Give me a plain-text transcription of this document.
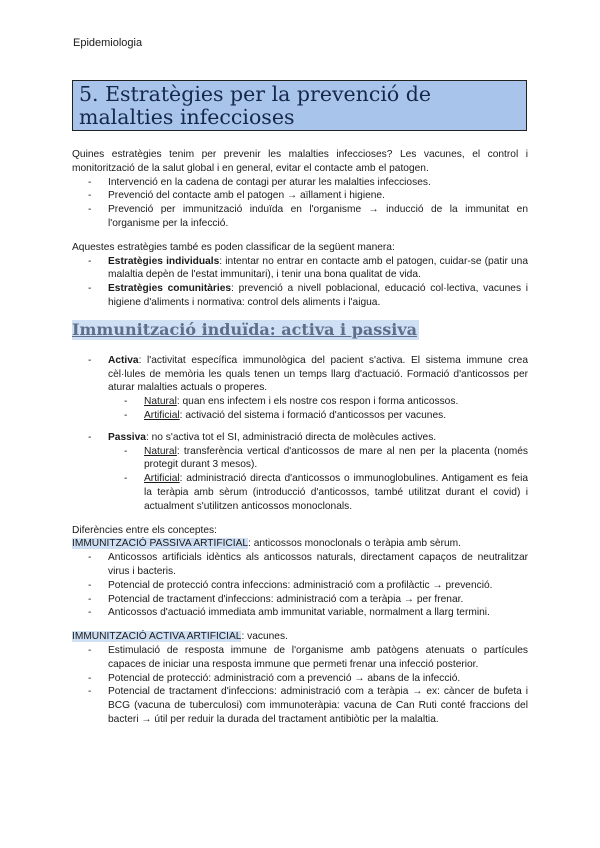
Epidemiologia
5. Estratègies per la prevenció de malalties infeccioses

Quines estratègies tenim per prevenir les malalties infeccioses? Les vacunes, el control i monitorització de la salut global i en general, evitar el contacte amb el patogen.

- Intervenció en la cadena de contagi per aturar les malalties infeccioses.
- Prevenció del contacte amb el patogen → aïllament i higiene.
- Prevenció per immunització induïda en l'organisme → inducció de la immunitat en l'organisme per la infecció.

Aquestes estratègies també es poden classificar de la següent manera:

- Estratègies individuals: intentar no entrar en contacte amb el patogen, cuidar-se (patir una malaltia depèn de l'estat immunitari), i tenir una bona qualitat de vida.
- Estratègies comunitàries: prevenció a nivell poblacional, educació col·lectiva, vacunes i higiene d'aliments i normativa: control dels aliments i l'aigua.
Immunització induïda: activa i passiva
- Activa: l'activitat específica immunològica del pacient s'activa. El sistema immune crea cèl·lules de memòria les quals tenen un temps llarg d'actuació. Formació d'anticossos per aturar malalties actuals o properes.
- Natural: quan ens infectem i els nostre cos respon i forma anticossos.
- Artificial: activació del sistema i formació d'anticossos per vacunes.
- Passiva: no s'activa tot el SI, administració directa de molècules actives.
- Natural: transferència vertical d'anticossos de mare al nen per la placenta (només protegit durant 3 mesos).
- Artificial: administració directa d'anticossos o immunoglobulines. Antigament es feia la teràpia amb sèrum (introducció d'anticossos, també utilitzat durant el covid) i actualment s'utilitzen anticossos monoclonals.

Diferències entre els conceptes:

IMMUNITZACIÓ PASSIVA ARTIFICIAL: anticossos monoclonals o teràpia amb sèrum.

- Anticossos artificials idèntics als anticossos naturals, directament capaços de neutralitzar virus i bacteris.
- Potencial de protecció contra infeccions: administració com a profilàctic → prevenció.
- Potencial de tractament d'infeccions: administració com a teràpia → per frenar.
- Anticossos d'actuació immediata amb immunitat variable, normalment a llarg termini.

IMMUNITZACIÓ ACTIVA ARTIFICIAL: vacunes.

- Estimulació de resposta immune de l'organisme amb patògens atenuats o partícules capaces de iniciar una resposta immune que permeti frenar una infecció posterior.
- Potencial de protecció: administració com a prevenció → abans de la infecció.
- Potencial de tractament d'infeccions: administració com a teràpia → ex: càncer de bufeta i BCG (vacuna de tuberculosi) com immunoteràpia: vacuna de Can Ruti conté fraccions del bacteri → útil per reduir la durada del tractament antibiòtic per la malaltia.
